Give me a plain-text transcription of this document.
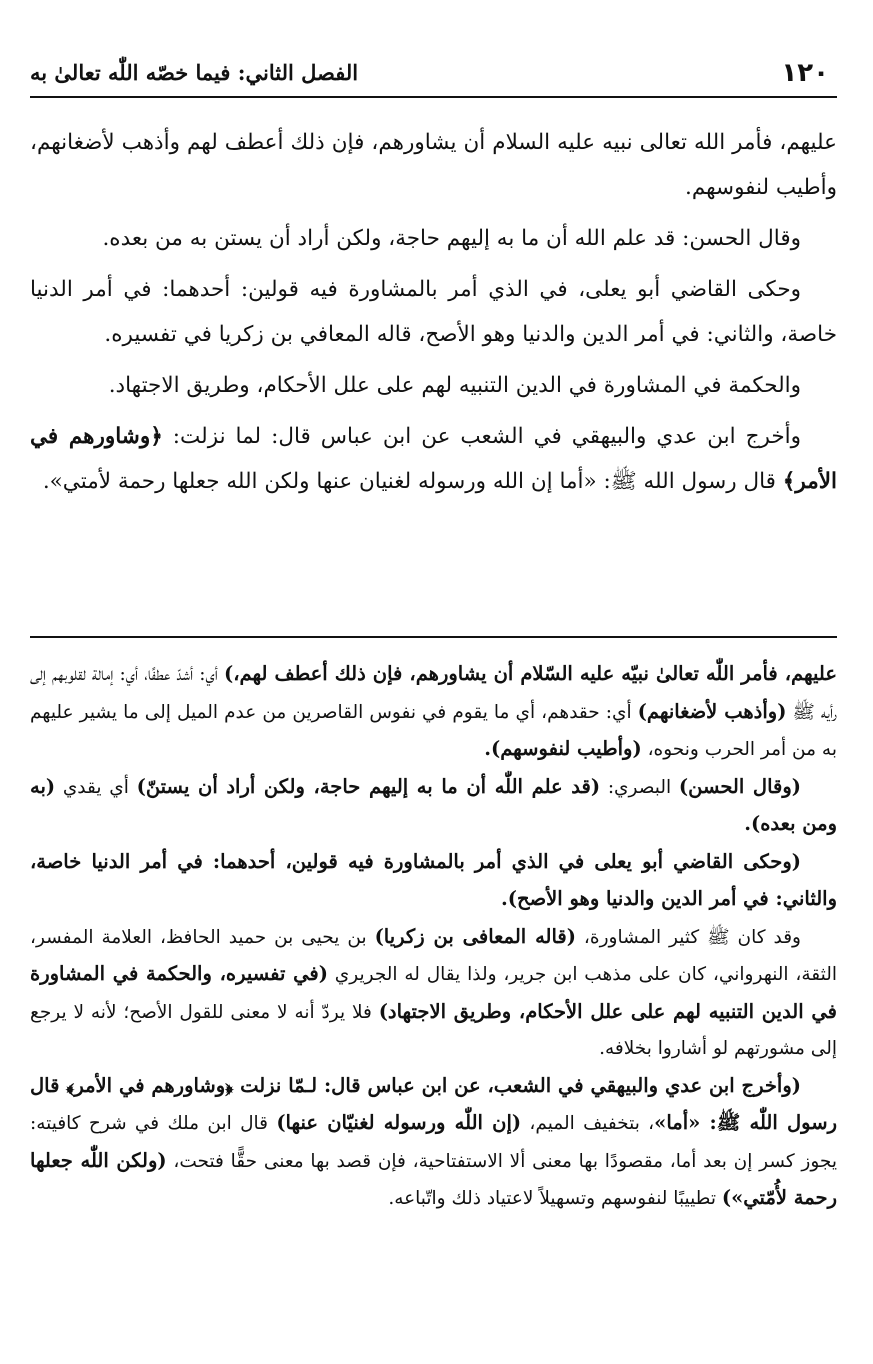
١٢٠
الفصل الثاني: فيما خصّه اللّٰه تعالىٰ به

عليهم، فأمر الله تعالى نبيه عليه السلام أن يشاورهم، فإن ذلك أعطف لهم وأذهب لأضغانهم، وأطيب لنفوسهم.

وقال الحسن: قد علم الله أن ما به إليهم حاجة، ولكن أراد أن يستن به من بعده.

وحكى القاضي أبو يعلى، في الذي أمر بالمشاورة فيه قولين: أحدهما: في أمر الدنيا خاصة، والثاني: في أمر الدين والدنيا وهو الأصح، قاله المعافي بن زكريا في تفسيره.

والحكمة في المشاورة في الدين التنبيه لهم على علل الأحكام، وطريق الاجتهاد.

وأخرج ابن عدي والبيهقي في الشعب عن ابن عباس قال: لما نزلت: ﴿وشاورهم في الأمر﴾ قال رسول الله ﷺ: «أما إن الله ورسوله لغنيان عنها ولكن الله جعلها رحمة لأمتي».

عليهم، فأمر اللّٰه تعالىٰ نبيّه عليه السّلام أن يشاورهم، فإن ذلك أعطف لهم،) أي: أشدّ عطفًا، أي: إمالة لقلوبهم إلى رأيه ﷺ (وأذهب لأضغانهم) أي: حقدهم، أي ما يقوم في نفوس القاصرين من عدم الميل إلى ما يشير عليهم به من أمر الحرب ونحوه، (وأطيب لنفوسهم).

(وقال الحسن) البصري: (قد علم اللّٰه أن ما به إليهم حاجة، ولكن أراد أن يستنّ) أي يقدي (به ومن بعده).

(وحكى القاضي أبو يعلى في الذي أمر بالمشاورة فيه قولين، أحدهما: في أمر الدنيا خاصة، والثاني: في أمر الدين والدنيا وهو الأصح).

وقد كان ﷺ كثير المشاورة، (قاله المعافى بن زكريا) بن يحيى بن حميد الحافظ، العلامة المفسر، الثقة، النهرواني، كان على مذهب ابن جرير، ولذا يقال له الجريري (في تفسيره، والحكمة في المشاورة في الدين التنبيه لهم على علل الأحكام، وطريق الاجتهاد) فلا يردّ أنه لا معنى للقول الأصح؛ لأنه لا يرجع إلى مشورتهم لو أشاروا بخلافه.

(وأخرج ابن عدي والبيهقي في الشعب، عن ابن عباس قال: لـمّا نزلت ﴿وشاورهم في الأمر﴾ قال رسول اللّٰه ﷺ: «أما»، بتخفيف الميم، (إن اللّٰه ورسوله لغنيّان عنها) قال ابن ملك في شرح كافيته: يجوز كسر إن بعد أما، مقصودًا بها معنى ألا الاستفتاحية، فإن قصد بها معنى حقًّا فتحت، (ولكن اللّٰه جعلها رحمة لأُمّتي») تطييبًا لنفوسهم وتسهيلاً لاعتياد ذلك واتّباعه.
